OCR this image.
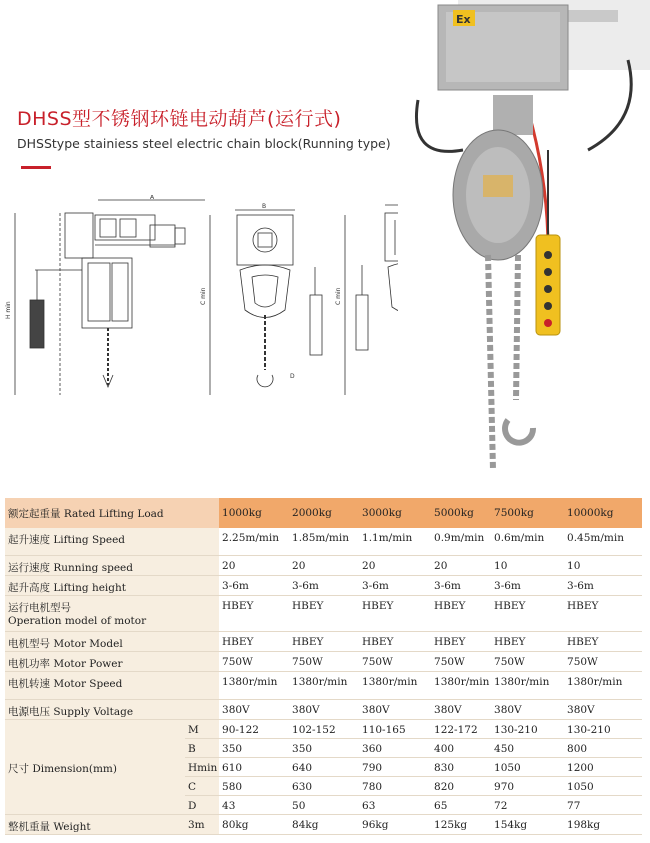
DHSS型不锈钢环链电动葫芦(运行式)
DHSStype stainiess steel electric chain block(Running type)
A
H min
B
C min
D
C min
Ex
额定起重量 Rated Lifting Load		1000kg	2000kg	3000kg	5000kg	7500kg	10000kg
起升速度 Lifting Speed		2.25m/min	1.85m/min	1.1m/min	0.9m/min	0.6m/min	0.45m/min
运行速度 Running speed		20	20	20	20	10	10
起升高度 Lifting height		3-6m	3-6m	3-6m	3-6m	3-6m	3-6m

运行电机型号
Operation model of motor		HBEY	HBEY	HBEY	HBEY	HBEY	HBEY
电机型号 Motor Model		HBEY	HBEY	HBEY	HBEY	HBEY	HBEY
电机功率 Motor Power		750W	750W	750W	750W	750W	750W
电机转速 Motor Speed		1380r/min	1380r/min	1380r/min	1380r/min	1380r/min	1380r/min
电源电压 Supply Voltage		380V	380V	380V	380V	380V	380V
尺寸 Dimension(mm)	M	90-122	102-152	110-165	122-172	130-210	130-210
	B	350	350	360	400	450	800
	Hmin	610	640	790	830	1050	1200
	C	580	630	780	820	970	1050
	D	43	50	63	65	72	77
整机重量 Weight	3m	80kg	84kg	96kg	125kg	154kg	198kg
